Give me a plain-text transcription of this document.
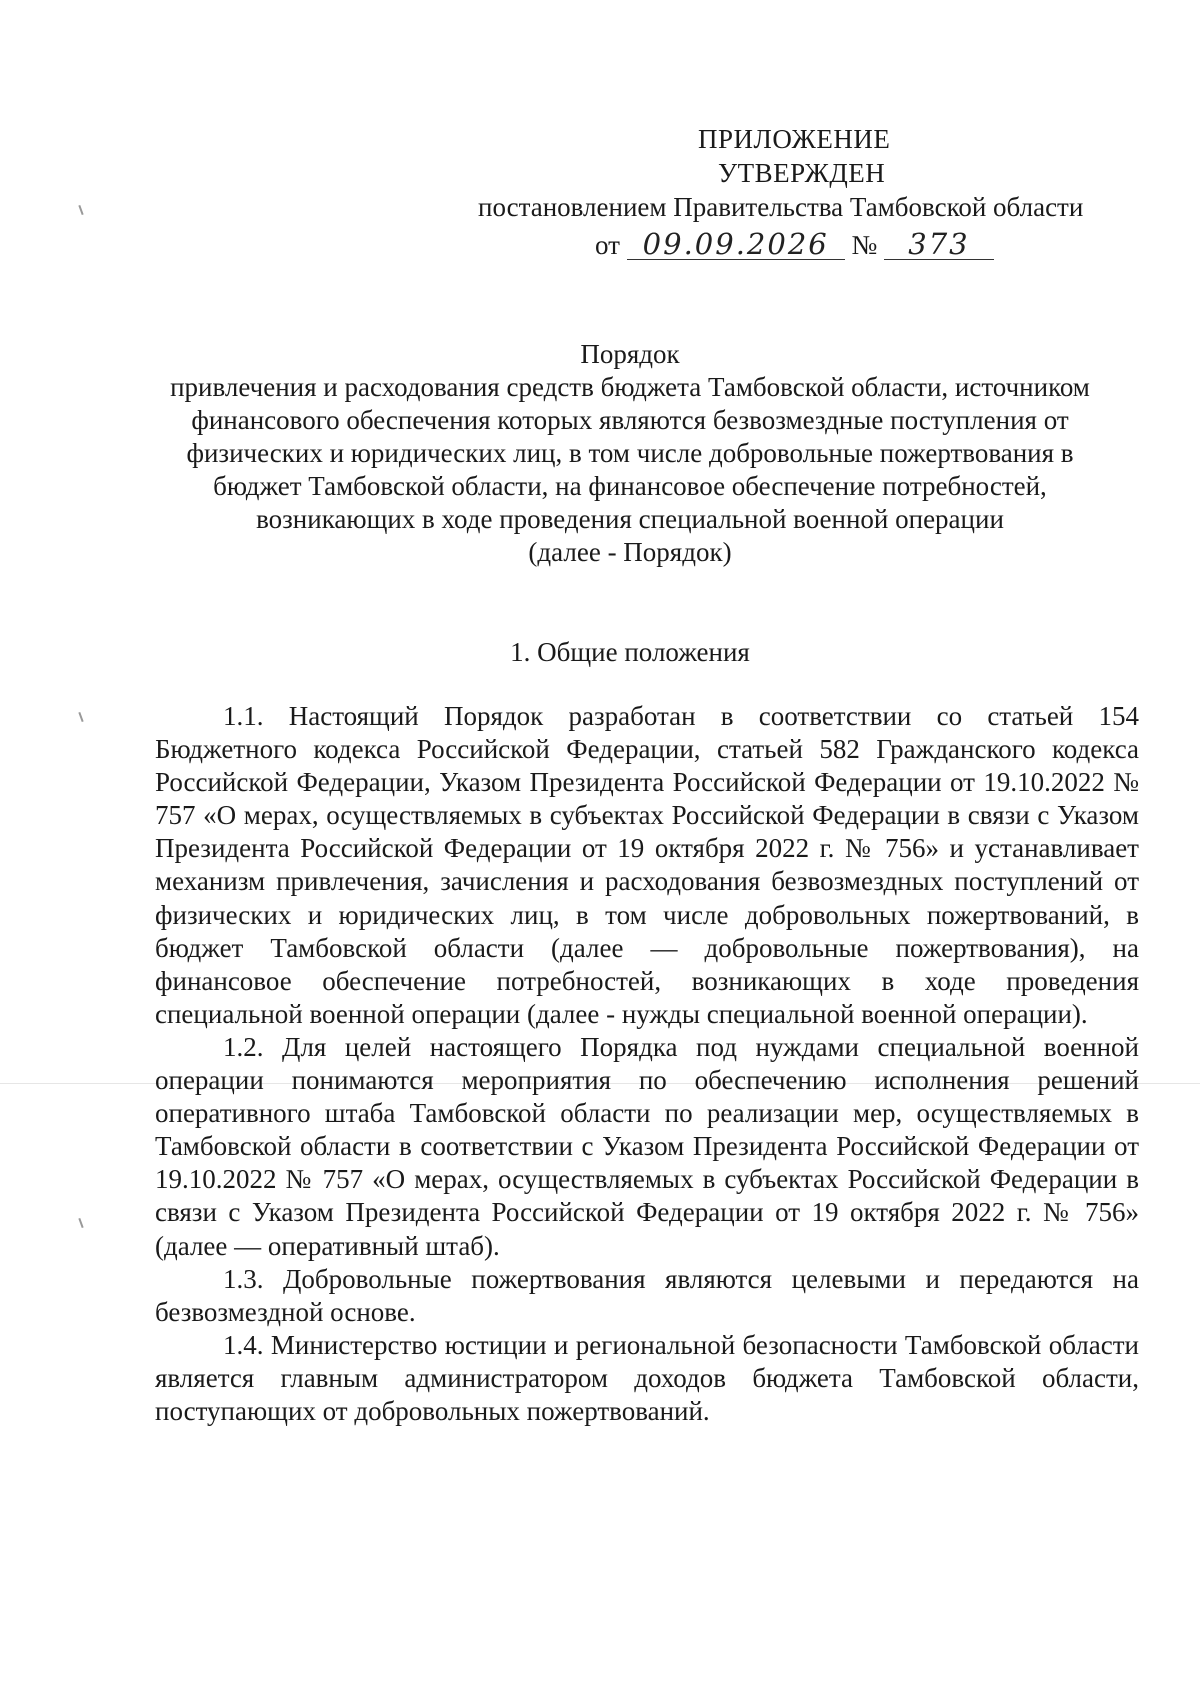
ПРИЛОЖЕНИЕ
УТВЕРЖДЕН
постановлением Правительства Тамбовской области
от 09.09.2026 № 373
Порядок
привлечения и расходования средств бюджета Тамбовской области, источником
финансового обеспечения которых являются безвозмездные поступления от
физических и юридических лиц, в том числе добровольные пожертвования в
бюджет Тамбовской области, на финансовое обеспечение потребностей,
возникающих в ходе проведения специальной военной операции
(далее - Порядок)
1. Общие положения

1.1. Настоящий Порядок разработан в соответствии со статьей 154 Бюджетного кодекса Российской Федерации, статьей 582 Гражданского кодекса Российской Федерации, Указом Президента Российской Федерации от 19.10.2022 № 757 «О мерах, осуществляемых в субъектах Российской Федерации в связи с Указом Президента Российской Федерации от 19 октября 2022 г. № 756» и устанавливает механизм привлечения, зачисления и расходования безвозмездных поступлений от физических и юридических лиц, в том числе добровольных пожертвований, в бюджет Тамбовской области (далее — добровольные пожертвования), на финансовое обеспечение потребностей, возникающих в ходе проведения специальной военной операции (далее - нужды специальной военной операции).

1.2. Для целей настоящего Порядка под нуждами специальной военной операции понимаются мероприятия по обеспечению исполнения решений оперативного штаба Тамбовской области по реализации мер, осуществляемых в Тамбовской области в соответствии с Указом Президента Российской Федерации от 19.10.2022 № 757 «О мерах, осуществляемых в субъектах Российской Федерации в связи с Указом Президента Российской Федерации от 19 октября 2022 г. № 756» (далее — оперативный штаб).

1.3. Добровольные пожертвования являются целевыми и передаются на безвозмездной основе.

1.4. Министерство юстиции и региональной безопасности Тамбовской области является главным администратором доходов бюджета Тамбовской области, поступающих от добровольных пожертвований.
